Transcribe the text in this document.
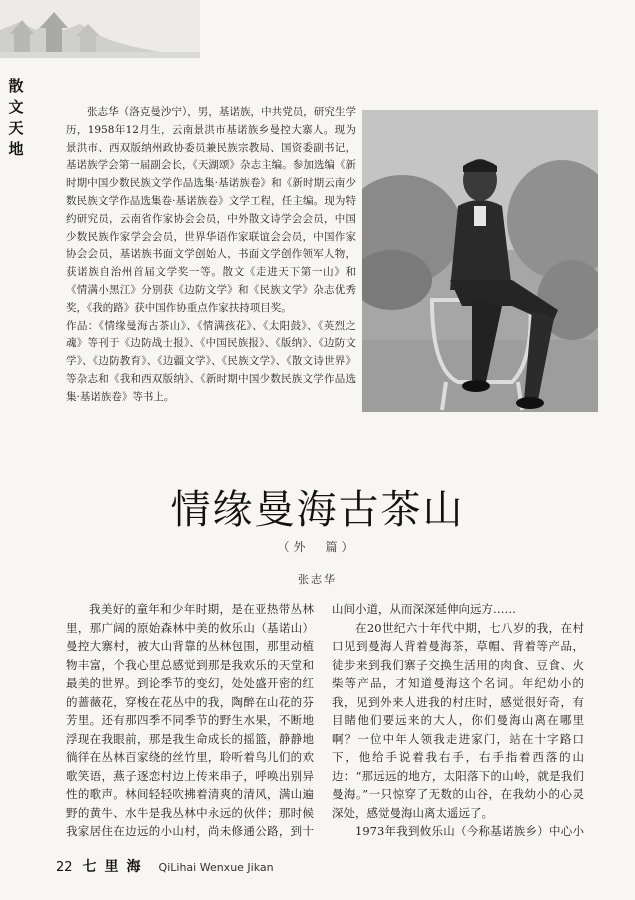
散文天地

张志华（洛克曼沙宁），男，基诺族，中共党员，研究生学历，1958年12月生，云南景洪市基诺族乡曼控大寨人。现为景洪市、西双版纳州政协委员兼民族宗教局、国资委副书记，基诺族学会第一届副会长，《天湖颂》杂志主编。参加选编《新时期中国少数民族文学作品选集·基诺族卷》和《新时期云南少数民族文学作品选集卷·基诺族卷》文学工程，任主编。现为特约研究员，云南省作家协会会员，中外散文诗学会会员，中国少数民族作家学会会员，世界华语作家联谊会会员，中国作家协会会员，基诺族书面文学创始人，书面文学创作领军人物，获诺族自治州首届文学奖一等。散文《走进天下第一山》和《情满小黑江》分别获《边防文学》和《民族文学》杂志优秀奖，《我的路》获中国作协重点作家扶持项目奖。

作品：《情缘曼海古茶山》、《情满孩花》、《太阳鼓》、《英烈之魂》等刊于《边防战士报》、《中国民族报》、《版纳》、《边防文学》、《边防教育》、《边疆文学》、《民族文学》、《散文诗世界》等杂志和《我和西双版纳》、《新时期中国少数民族文学作品选集·基诺族卷》等书上。

情缘曼海古茶山
（外　篇）
张志华

我美好的童年和少年时期，是在亚热带丛林里，那广阔的原始森林中美的攸乐山（基诺山）曼控大寨村，被大山背靠的丛林包围，那里动植物丰富，个我心里总感觉到那是我欢乐的天堂和最美的世界。到论季节的变幻，处处盛开密的红的蔷薇花，穿梭在花丛中的我，陶醉在山花的芬芳里。还有那四季不同季节的野生水果，不断地浮现在我眼前，那是我生命成长的摇篮，静静地徜徉在丛林百家绕的丝竹里，聆听着鸟儿们的欢歌笑语，燕子逐恋村边上传来串子，呼唤出别异性的歌声。林间轻轻吹拂着清爽的清风，满山遍野的黄牛、水牛是我丛林中永远的伙伴；那时候我家居住在边远的小山村，尚未修通公路，到十

山间小道，从而深深延伸向远方……

在20世纪六十年代中期，七八岁的我，在村口见到曼海人背着曼海茶，草帽、背着等产品，徒步来到我们寨子交换生活用的肉食、豆食、火柴等产品，才知道曼海这个名词。年纪幼小的我，见到外来人进我的村庄时，感觉很好奇，有目睹他们要远来的大人，你们曼海山离在哪里啊？一位中年人领我走进家门，站在十字路口下，他给手说着我右手，右手指着西落的山边：“那远远的地方，太阳落下的山岭，就是我们曼海。”一只惊穿了无数的山谷，在我幼小的心灵深处，感觉曼海山离太遥远了。

1973年我到攸乐山（今称基诺族乡）中心小

22 七里海 QiLihai Wenxue Jikan
